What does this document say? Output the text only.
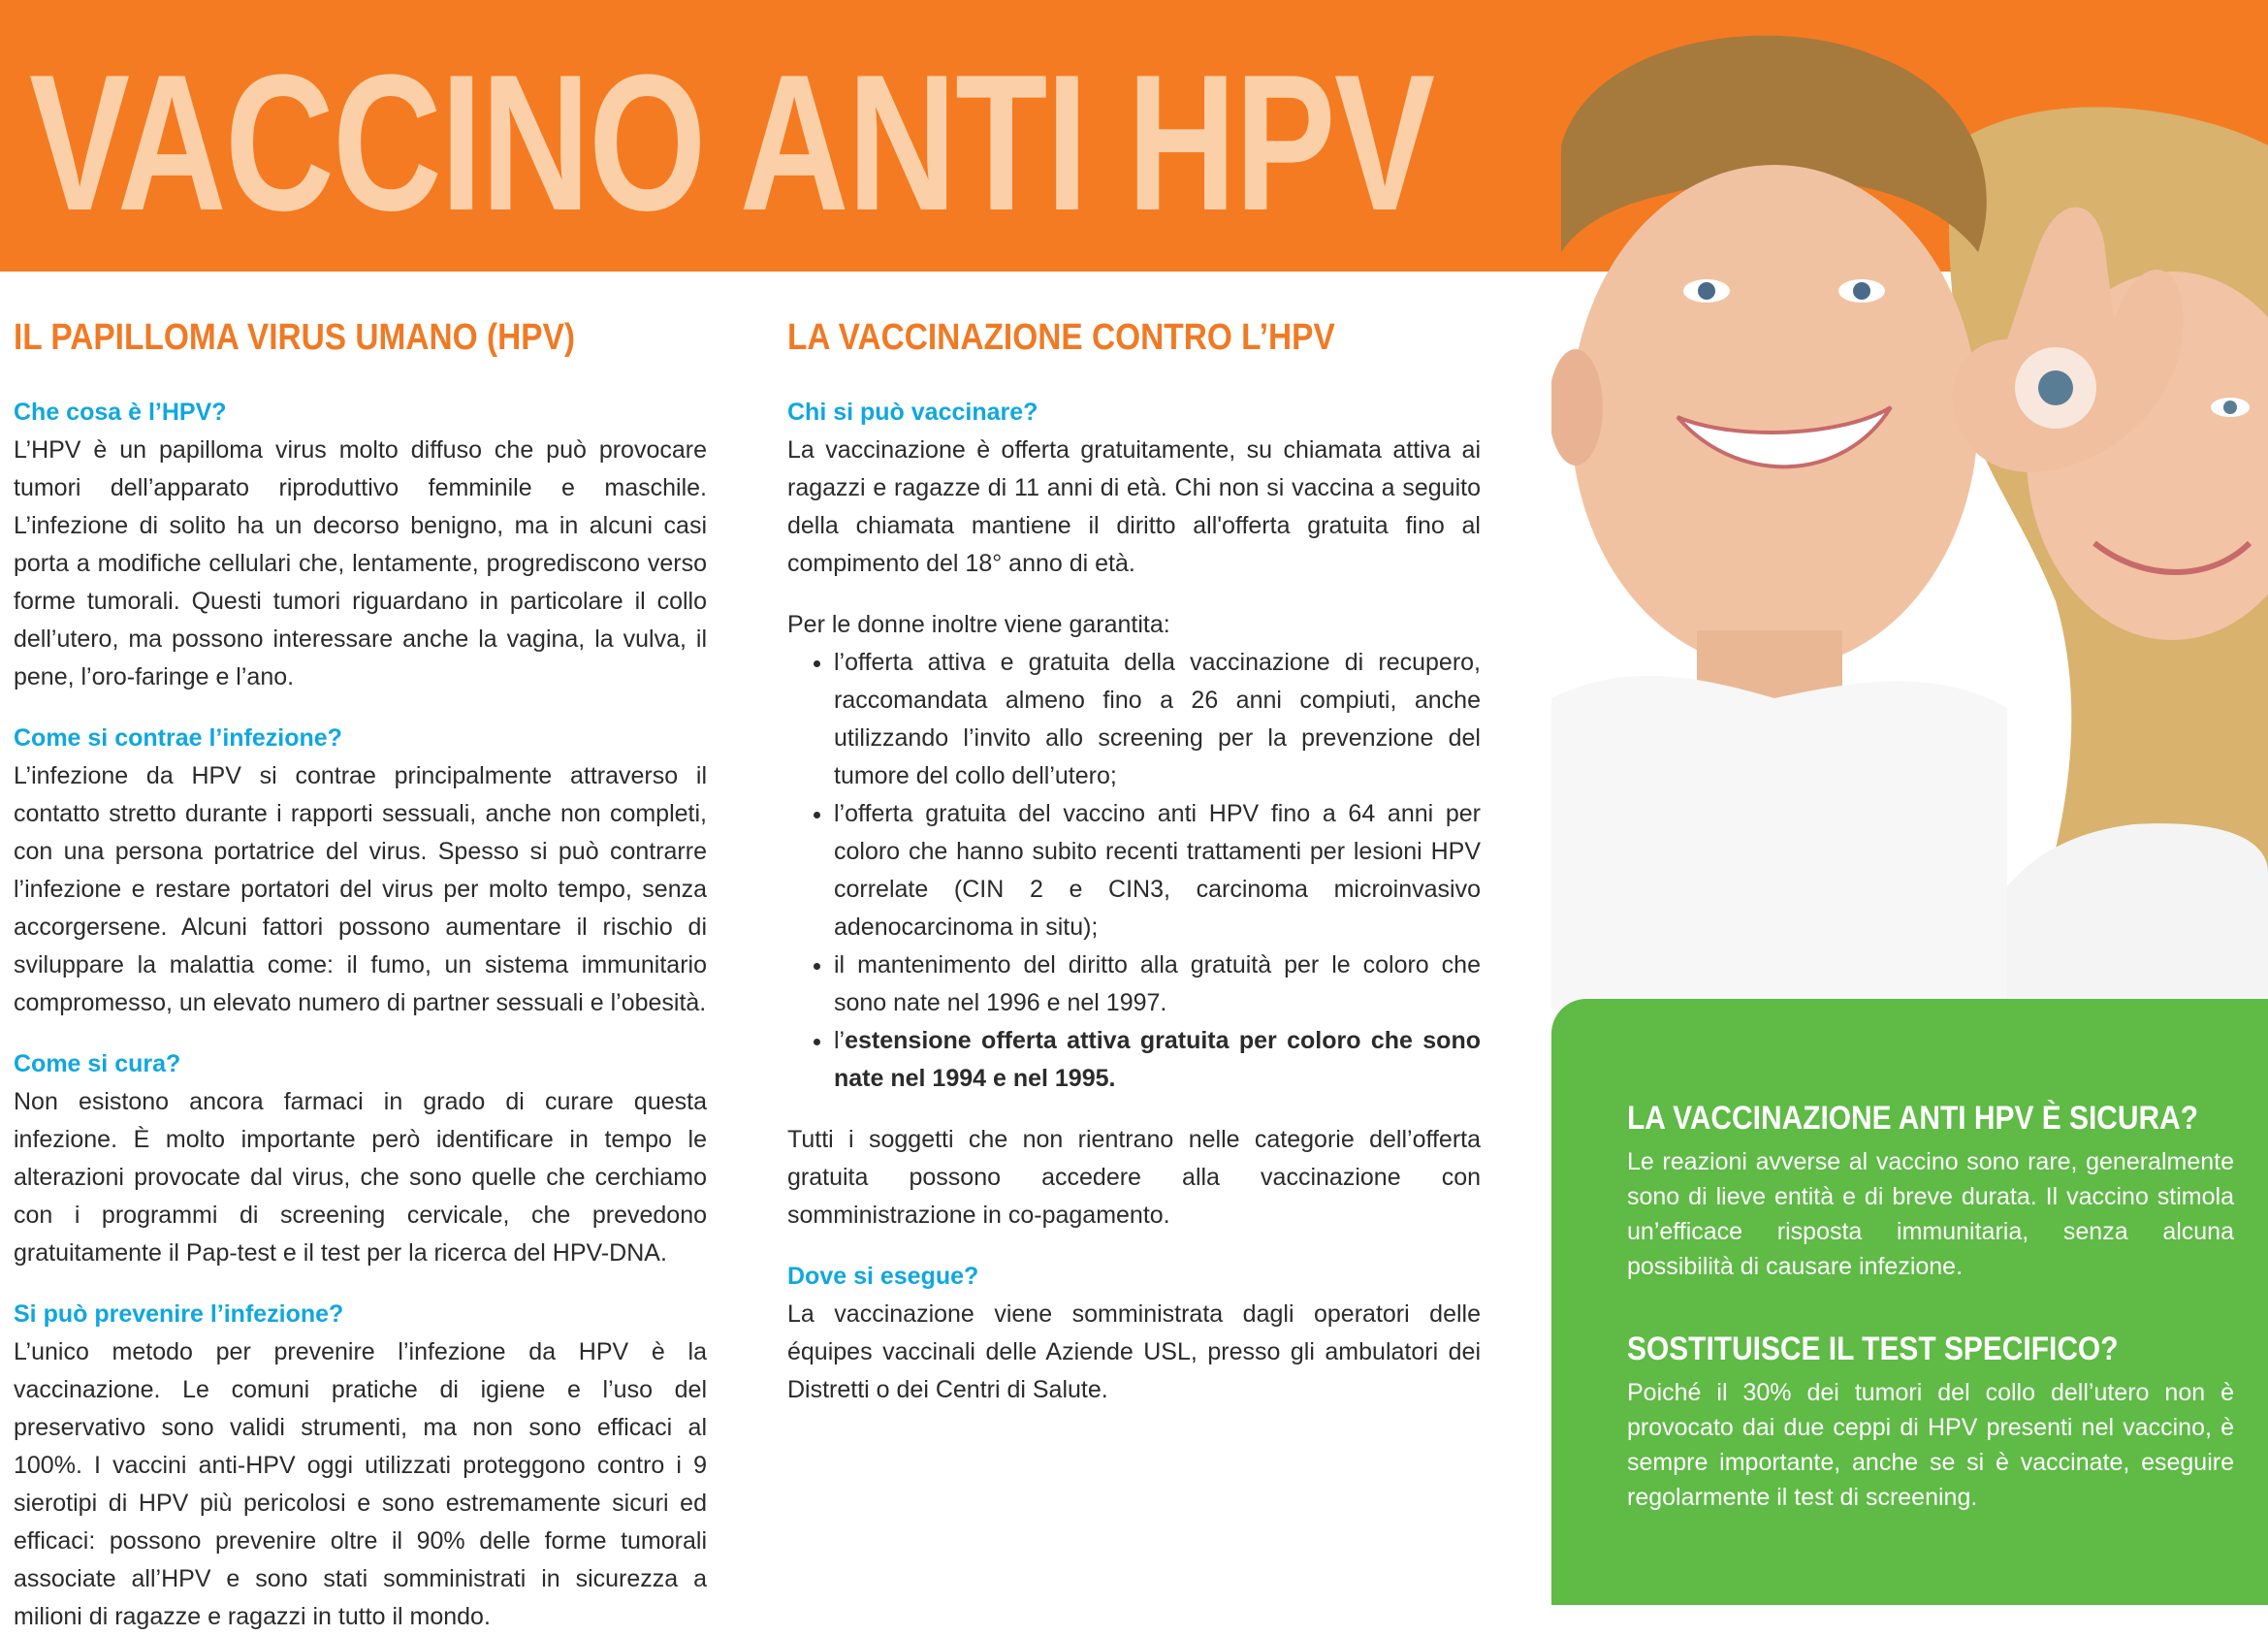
VACCINO ANTI HPV
IL PAPILLOMA VIRUS UMANO (HPV)

Che cosa è l’HPV?

L’HPV è un papilloma virus molto diffuso che può provocare tumori dell’apparato riproduttivo femminile e maschile. L’infezione di solito ha un decorso benigno, ma in alcuni casi porta a modifiche cellulari che, lentamente, progrediscono verso forme tumorali. Questi tumori riguardano in particolare il collo dell’utero, ma possono interessare anche la vagina, la vulva, il pene, l’oro-faringe e l’ano.

Come si contrae l’infezione?

L’infezione da HPV si contrae principalmente attraverso il contatto stretto durante i rapporti sessuali, anche non completi, con una persona portatrice del virus. Spesso si può contrarre l’infezione e restare portatori del virus per molto tempo, senza accorgersene. Alcuni fattori possono aumentare il rischio di sviluppare la malattia come: il fumo, un sistema immunitario compromesso, un elevato numero di partner sessuali e l’obesità.

Come si cura?

Non esistono ancora farmaci in grado di curare questa infezione. È molto importante però identificare in tempo le alterazioni provocate dal virus, che sono quelle che cerchiamo con i programmi di screening cervicale, che prevedono gratuitamente il Pap-test e il test per la ricerca del HPV-DNA.

Si può prevenire l’infezione?

L’unico metodo per prevenire l’infezione da HPV è la vaccinazione. Le comuni pratiche di igiene e l’uso del preservativo sono validi strumenti, ma non sono efficaci al 100%. I vaccini anti-HPV oggi utilizzati proteggono contro i 9 sierotipi di HPV più pericolosi e sono estremamente sicuri ed efficaci: possono prevenire oltre il 90% delle forme tumorali associate all’HPV e sono stati somministrati in sicurezza a milioni di ragazze e ragazzi in tutto il mondo.

LA VACCINAZIONE CONTRO L’HPV

Chi si può vaccinare?

La vaccinazione è offerta gratuitamente, su chiamata attiva ai ragazzi e ragazze di 11 anni di età. Chi non si vaccina a seguito della chiamata mantiene il diritto all'offerta gratuita fino al compimento del 18° anno di età.

Per le donne inoltre viene garantita:

• l’offerta attiva e gratuita della vaccinazione di recupero, raccomandata almeno fino a 26 anni compiuti, anche utilizzando l’invito allo screening per la prevenzione del tumore del collo dell’utero;
• l’offerta gratuita del vaccino anti HPV fino a 64 anni per coloro che hanno subito recenti trattamenti per lesioni HPV correlate (CIN 2 e CIN3, carcinoma microinvasivo adenocarcinoma in situ);
• il mantenimento del diritto alla gratuità per le coloro che sono nate nel 1996 e nel 1997.
• l’estensione offerta attiva gratuita per coloro che sono nate nel 1994 e nel 1995.

Tutti i soggetti che non rientrano nelle categorie dell’offerta gratuita possono accedere alla vaccinazione con somministrazione in co-pagamento.

Dove si esegue?

La vaccinazione viene somministrata dagli operatori delle équipes vaccinali delle Aziende USL, presso gli ambulatori dei Distretti o dei Centri di Salute.

LA VACCINAZIONE ANTI HPV È SICURA?

Le reazioni avverse al vaccino sono rare, generalmente sono di lieve entità e di breve durata. Il vaccino stimola un’efficace risposta immunitaria, senza alcuna possibilità di causare infezione.

SOSTITUISCE IL TEST SPECIFICO?

Poiché il 30% dei tumori del collo dell’utero non è provocato dai due ceppi di HPV presenti nel vaccino, è sempre importante, anche se si è vaccinate, eseguire regolarmente il test di screening.
